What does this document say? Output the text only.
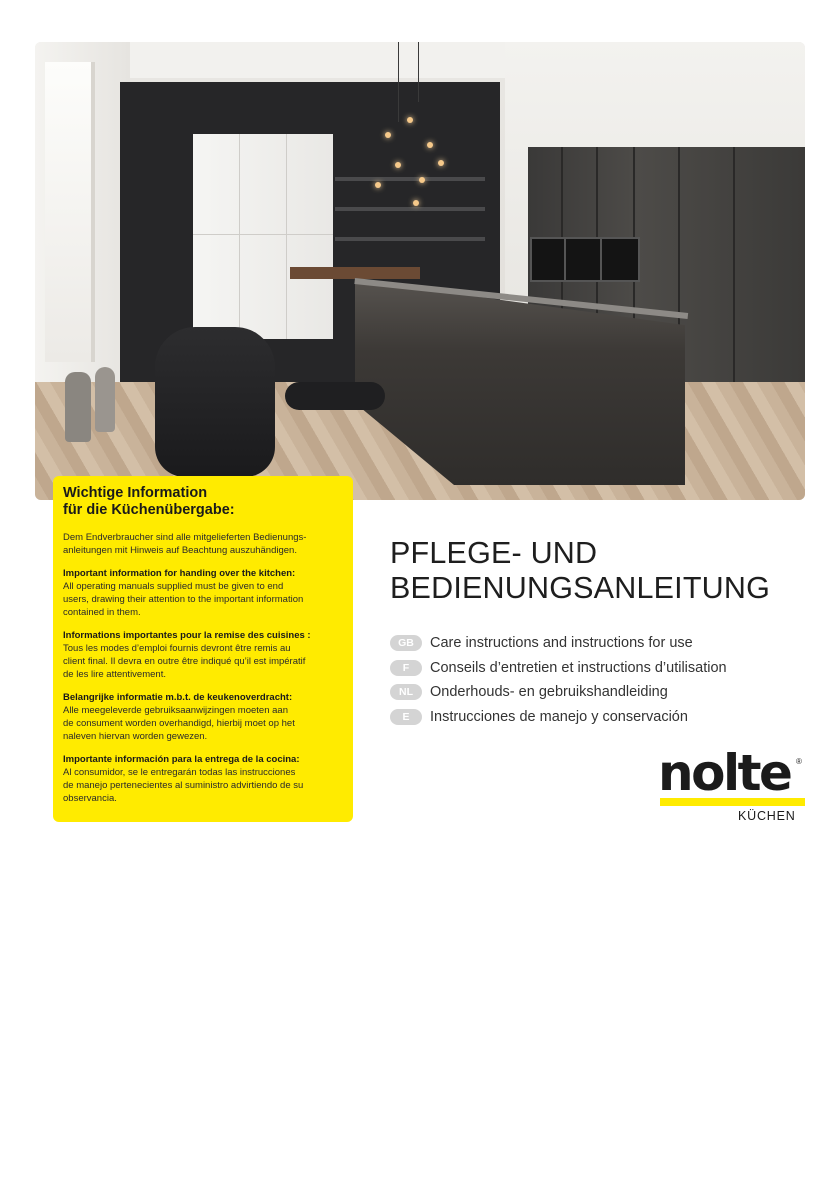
Wichtige Information
für die Küchenübergabe:
Dem Endverbraucher sind alle mitgelieferten Bedienungs-
anleitungen mit Hinweis auf Beachtung auszuhändigen.
Important information for handing over the kitchen:
All operating manuals supplied must be given to end
users, drawing their attention to the important information
contained in them.
Informations importantes pour la remise des cuisines :
Tous les modes d’emploi fournis devront être remis au
client final. Il devra en outre être indiqué qu’il est impératif
de les lire attentivement.
Belangrijke informatie m.b.t. de keukenoverdracht:
Alle meegeleverde gebruiksaanwijzingen moeten aan
de consument worden overhandigd, hierbij moet op het
naleven hiervan worden gewezen.
Importante información para la entrega de la cocina:
Al consumidor, se le entregarán todas las instrucciones
de manejo pertenecientes al suministro advirtiendo de su
observancia.
PFLEGE- UND
BEDIENUNGSANLEITUNG
GB	Care instructions and instructions for use
F	Conseils d’entretien et instructions d’utilisation
NL	Onderhouds- en gebruikshandleiding
E	Instrucciones de manejo y conservación
nolte ®
KÜCHEN
